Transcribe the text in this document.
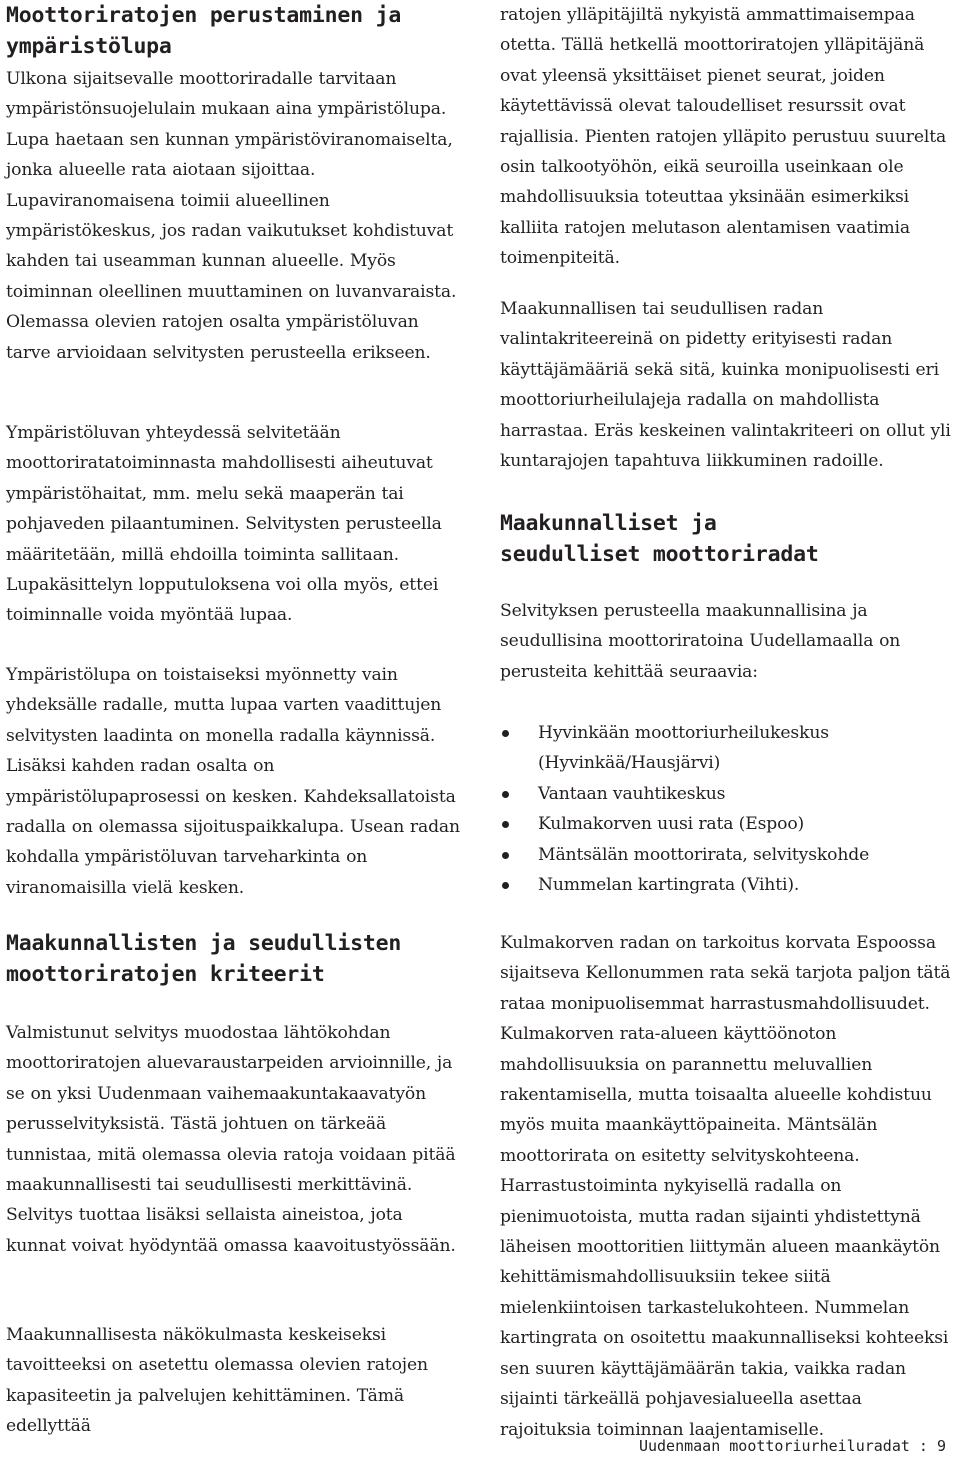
Moottoriratojen perustaminen ja ympäristölupa

Ulkona sijaitsevalle moottoriradalle tarvitaan ympäristönsuojelulain mukaan aina ympäristölupa. Lupa haetaan sen kunnan ympäristöviranomaiselta, jonka alueelle rata aiotaan sijoittaa. Lupaviranomaisena toimii alueellinen ympäristökeskus, jos radan vaikutukset kohdistuvat kahden tai useamman kunnan alueelle. Myös toiminnan oleellinen muuttaminen on luvanvaraista. Olemassa olevien ratojen osalta ympäristöluvan tarve arvioidaan selvitysten perusteella erikseen.

Ympäristöluvan yhteydessä selvitetään moottoriratatoiminnasta mahdollisesti aiheutuvat ympäristöhaitat, mm. melu sekä maaperän tai pohjaveden pilaantuminen. Selvitysten perusteella määritetään, millä ehdoilla toiminta sallitaan. Lupakäsittelyn lopputuloksena voi olla myös, ettei toiminnalle voida myöntää lupaa.

Ympäristölupa on toistaiseksi myönnetty vain yhdeksälle radalle, mutta lupaa varten vaadittujen selvitysten laadinta on monella radalla käynnissä. Lisäksi kahden radan osalta on ympäristölupaprosessi on kesken. Kahdeksallatoista radalla on olemassa sijoituspaikkalupa. Usean radan kohdalla ympäristöluvan tarveharkinta on viranomaisilla vielä kesken.

Maakunnallisten ja seudullisten moottoriratojen kriteerit

Valmistunut selvitys muodostaa lähtökohdan moottoriratojen aluevaraustarpeiden arvioinnille, ja se on yksi Uudenmaan vaihemaakuntakaavatyön perusselvityksistä. Tästä johtuen on tärkeää tunnistaa, mitä olemassa olevia ratoja voidaan pitää maakunnallisesti tai seudullisesti merkittävinä. Selvitys tuottaa lisäksi sellaista aineistoa, jota kunnat voivat hyödyntää omassa kaavoitustyössään.

Maakunnallisesta näkökulmasta keskeiseksi tavoitteeksi on asetettu olemassa olevien ratojen kapasiteetin ja palvelujen kehittäminen. Tämä edellyttää

ratojen ylläpitäjiltä nykyistä ammattimaisempaa otetta. Tällä hetkellä moottoriratojen ylläpitäjänä ovat yleensä yksittäiset pienet seurat, joiden käytettävissä olevat taloudelliset resurssit ovat rajallisia. Pienten ratojen ylläpito perustuu suurelta osin talkootyöhön, eikä seuroilla useinkaan ole mahdollisuuksia toteuttaa yksinään esimerkiksi kalliita ratojen melutason alentamisen vaatimia toimenpiteitä.

Maakunnallisen tai seudullisen radan valintakriteereinä on pidetty erityisesti radan käyttäjämääriä sekä sitä, kuinka monipuolisesti eri moottoriurheilulajeja radalla on mahdollista harrastaa. Eräs keskeinen valintakriteeri on ollut yli kuntarajojen tapahtuva liikkuminen radoille.

Maakunnalliset ja seudulliset moottoriradat

Selvityksen perusteella maakunnallisina ja seudullisina moottoriratoina Uudellamaalla on perusteita kehittää seuraavia:

Hyvinkään moottoriurheilukeskus (Hyvinkää/Hausjärvi)
Vantaan vauhtikeskus
Kulmakorven uusi rata (Espoo)
Mäntsälän moottorirata, selvityskohde
Nummelan kartingrata (Vihti).

Kulmakorven radan on tarkoitus korvata Espoossa sijaitseva Kellonummen rata sekä tarjota paljon tätä rataa monipuolisemmat harrastusmahdollisuudet. Kulmakorven rata-alueen käyttöönoton mahdollisuuksia on parannettu meluvallien rakentamisella, mutta toisaalta alueelle kohdistuu myös muita maankäyttöpaineita. Mäntsälän moottorirata on esitetty selvityskohteena. Harrastustoiminta nykyisellä radalla on pienimuotoista, mutta radan sijainti yhdistettynä läheisen moottoritien liittymän alueen maankäytön kehittämismahdollisuuksiin tekee siitä mielenkiintoisen tarkastelukohteen. Nummelan kartingrata on osoitettu maakunnalliseksi kohteeksi sen suuren käyttäjämäärän takia, vaikka radan sijainti tärkeällä pohjavesialueella asettaa rajoituksia toiminnan laajentamiselle.

Uudenmaan moottoriurheiluradat : 9
